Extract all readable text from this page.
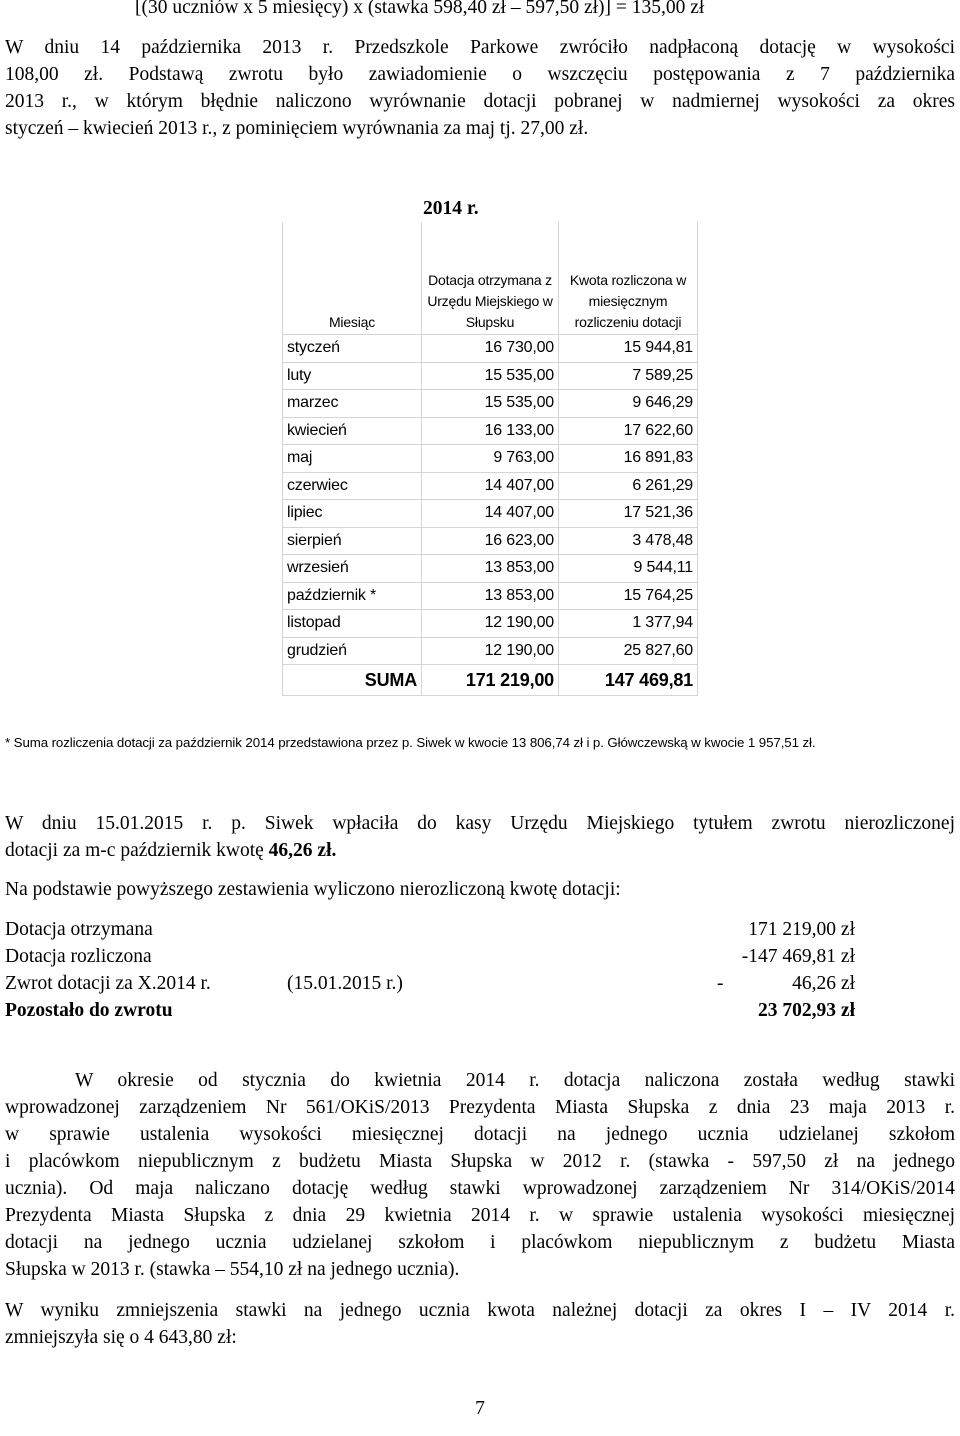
[(30 uczniów x 5 miesięcy) x (stawka 598,40 zł – 597,50 zł)] = 135,00 zł

W dniu 14 października 2013 r. Przedszkole Parkowe zwróciło nadpłaconą dotację w wysokości
108,00 zł. Podstawą zwrotu było zawiadomienie o wszczęciu postępowania z 7 października
2013 r., w którym błędnie naliczono wyrównanie dotacji pobranej w nadmiernej wysokości za okres
styczeń – kwiecień 2013 r., z pominięciem wyrównania za maj tj. 27,00 zł.
2014 r.
Miesiąc	Dotacja otrzymana z Urzędu Miejskiego w Słupsku	Kwota rozliczona w miesięcznym rozliczeniu dotacji
styczeń	16 730,00	15 944,81
luty	15 535,00	7 589,25
marzec	15 535,00	9 646,29
kwiecień	16 133,00	17 622,60
maj	9 763,00	16 891,83
czerwiec	14 407,00	6 261,29
lipiec	14 407,00	17 521,36
sierpień	16 623,00	3 478,48
wrzesień	13 853,00	9 544,11
październik *	13 853,00	15 764,25
listopad	12 190,00	1 377,94
grudzień	12 190,00	25 827,60
SUMA	171 219,00	147 469,81
* Suma rozliczenia dotacji za październik 2014 przedstawiona przez p. Siwek w kwocie 13 806,74 zł i p. Główczewską w kwocie 1 957,51 zł.
W dniu 15.01.2015 r. p. Siwek wpłaciła do kasy Urzędu Miejskiego tytułem zwrotu nierozliczonej
dotacji za m-c październik kwotę 46,26 zł.

Na podstawie powyższego zestawienia wyliczono nierozliczoną kwotę dotacji:

Dotacja otrzymana	171 219,00 zł
Dotacja rozliczona	-147 469,81 zł
Zwrot dotacji za X.2014 r.	(15.01.2015 r.)	-	46,26 zł
Pozostało do zwrotu	23 702,93 zł
W okresie od stycznia do kwietnia 2014 r. dotacja naliczona została według stawki
wprowadzonej zarządzeniem Nr 561/OKiS/2013 Prezydenta Miasta Słupska z dnia 23 maja 2013 r.
w sprawie ustalenia wysokości miesięcznej dotacji na jednego ucznia udzielanej szkołom
i placówkom niepublicznym z budżetu Miasta Słupska w 2012 r. (stawka - 597,50 zł na jednego
ucznia). Od maja naliczano dotację według stawki wprowadzonej zarządzeniem Nr 314/OKiS/2014
Prezydenta Miasta Słupska z dnia 29 kwietnia 2014 r. w sprawie ustalenia wysokości miesięcznej
dotacji na jednego ucznia udzielanej szkołom i placówkom niepublicznym z budżetu Miasta
Słupska w 2013 r. (stawka – 554,10 zł na jednego ucznia).
W wyniku zmniejszenia stawki na jednego ucznia kwota należnej dotacji za okres I – IV 2014 r.
zmniejszyła się o 4 643,80 zł:
7
